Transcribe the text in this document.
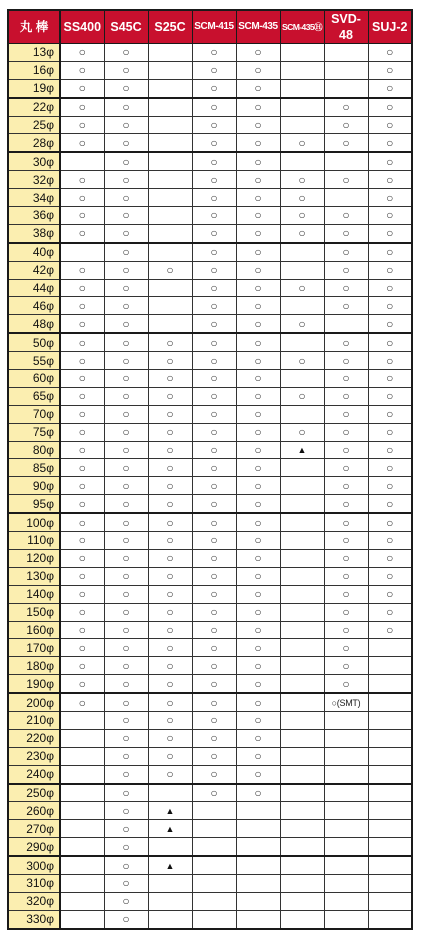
丸 棒	SS400	S45C	S25C	SCM-415	SCM-435	SCM-435Ⓗ	SVD-48	SUJ-2
13φ	○	○		○	○			○
16φ	○	○		○	○			○
19φ	○	○		○	○			○
22φ	○	○		○	○		○	○
25φ	○	○		○	○		○	○
28φ	○	○		○	○	○	○	○
30φ		○		○	○			○
32φ	○	○		○	○	○	○	○
34φ	○	○		○	○	○		○
36φ	○	○		○	○	○	○	○
38φ	○	○		○	○	○	○	○
40φ		○		○	○		○	○
42φ	○	○	○	○	○		○	○
44φ	○	○		○	○	○	○	○
46φ	○	○		○	○		○	○
48φ	○	○		○	○	○		○
50φ	○	○	○	○	○		○	○
55φ	○	○	○	○	○	○	○	○
60φ	○	○	○	○	○		○	○
65φ	○	○	○	○	○	○	○	○
70φ	○	○	○	○	○		○	○
75φ	○	○	○	○	○	○	○	○
80φ	○	○	○	○	○	▲	○	○
85φ	○	○	○	○	○		○	○
90φ	○	○	○	○	○		○	○
95φ	○	○	○	○	○		○	○
100φ	○	○	○	○	○		○	○
110φ	○	○	○	○	○		○	○
120φ	○	○	○	○	○		○	○
130φ	○	○	○	○	○		○	○
140φ	○	○	○	○	○		○	○
150φ	○	○	○	○	○		○	○
160φ	○	○	○	○	○		○	○
170φ	○	○	○	○	○		○	
180φ	○	○	○	○	○		○	
190φ	○	○	○	○	○		○	
200φ	○	○	○	○	○		○(SMT)	
210φ		○	○	○	○			
220φ		○	○	○	○			
230φ		○	○	○	○			
240φ		○	○	○	○			
250φ		○		○	○			
260φ		○	▲					
270φ		○	▲					
290φ		○						
300φ		○	▲					
310φ		○						
320φ		○						
330φ		○						
